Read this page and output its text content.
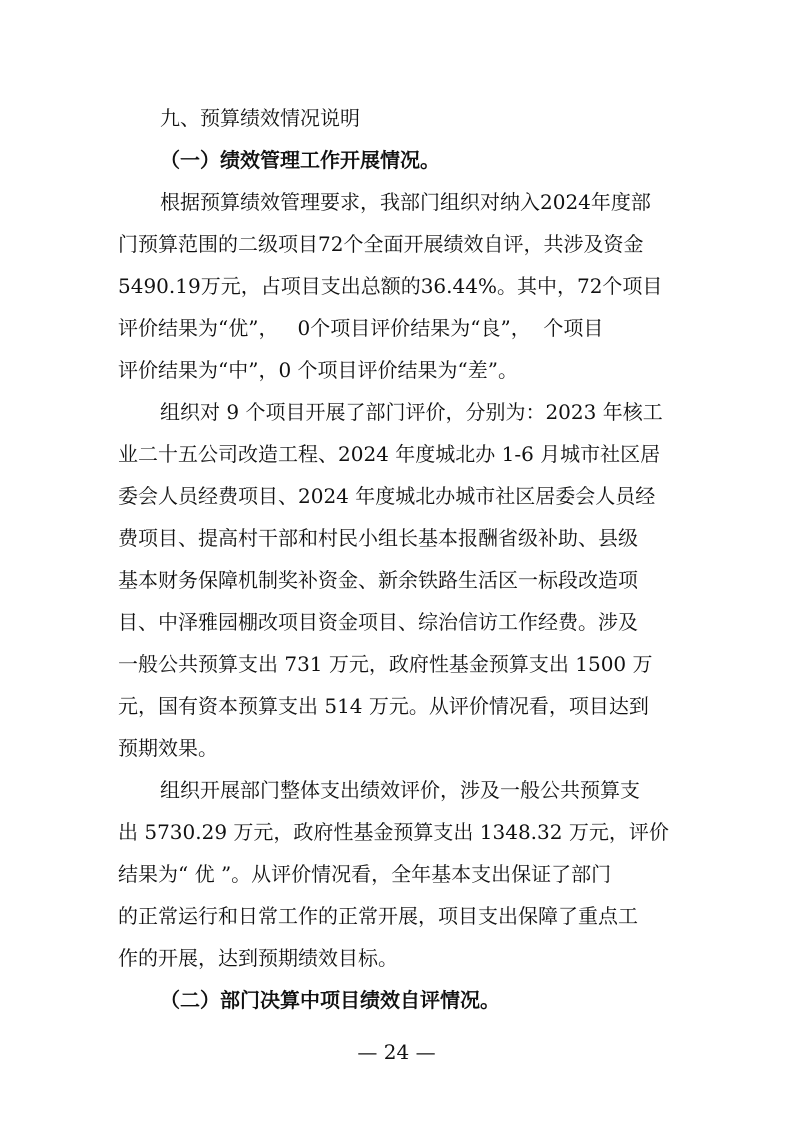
九、预算绩效情况说明
（一）绩效管理工作开展情况。
根据预算绩效管理要求，我部门组织对纳入2024年度部
门预算范围的二级项目72个全面开展绩效自评，共涉及资金
5490.19万元，占项目支出总额的36.44%。其中，72个项目
评价结果为“优”，   0个项目评价结果为“良”，  个项目
评价结果为“中”，0 个项目评价结果为“差”。
组织对 9 个项目开展了部门评价，分别为：2023 年核工
业二十五公司改造工程、2024 年度城北办 1-6 月城市社区居
委会人员经费项目、2024 年度城北办城市社区居委会人员经
费项目、提高村干部和村民小组长基本报酬省级补助、县级
基本财务保障机制奖补资金、新余铁路生活区一标段改造项
目、中泽雅园棚改项目资金项目、综治信访工作经费。涉及
一般公共预算支出 731 万元，政府性基金预算支出 1500 万
元，国有资本预算支出 514 万元。从评价情况看，项目达到
预期效果。
组织开展部门整体支出绩效评价，涉及一般公共预算支
出 5730.29 万元，政府性基金预算支出 1348.32 万元，评价
结果为“ 优 ”。从评价情况看，全年基本支出保证了部门
的正常运行和日常工作的正常开展，项目支出保障了重点工
作的开展，达到预期绩效目标。
（二）部门决算中项目绩效自评情况。
— 24 —
